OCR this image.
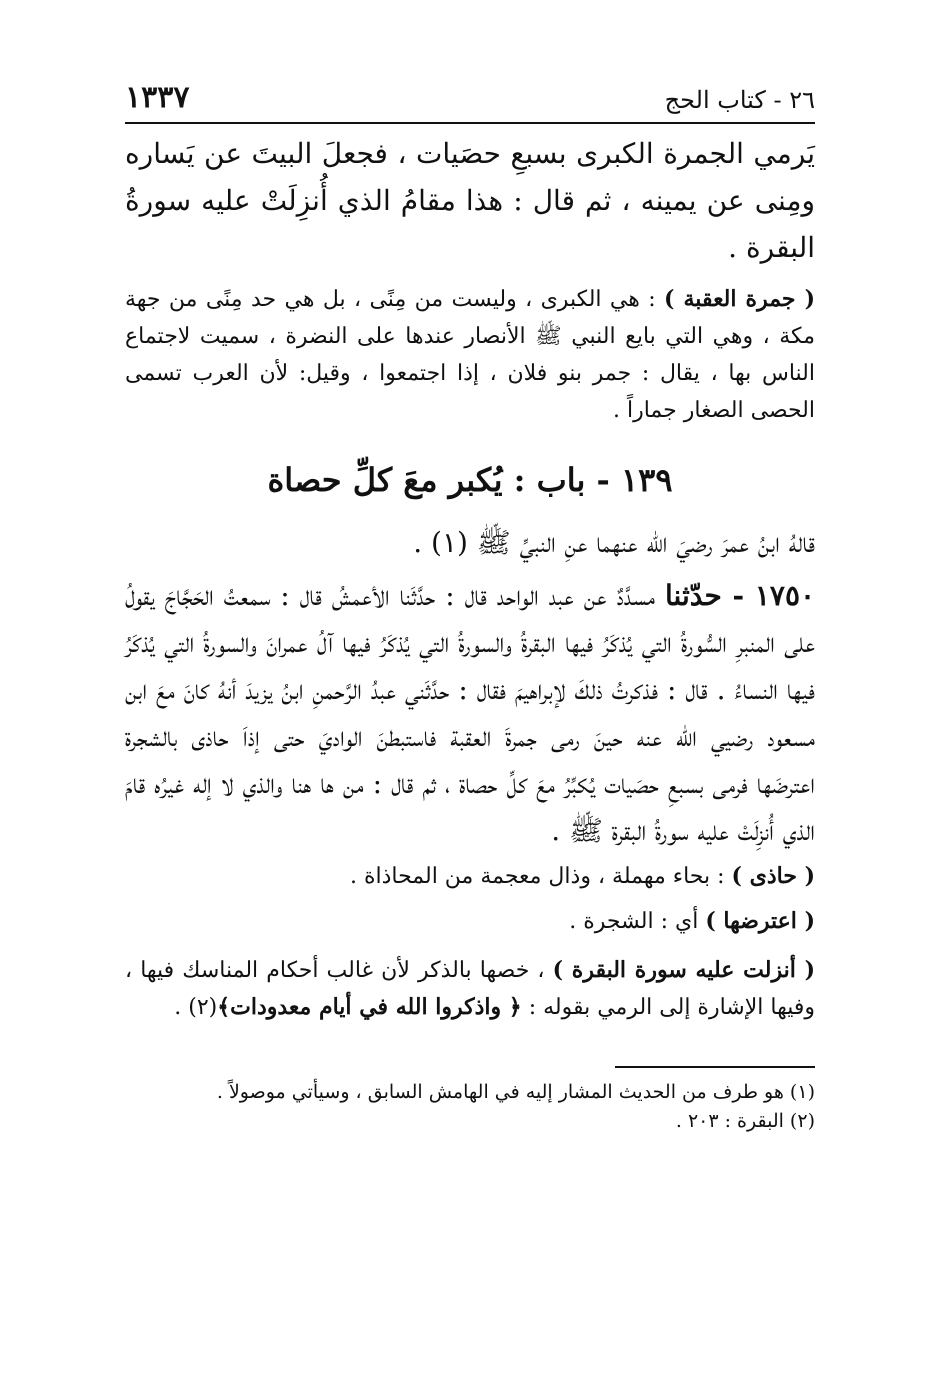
٢٦ - كتاب الحج
١٣٣٧
يَرمي الجمرة الكبرى بسبعِ حصَيات ، فجعلَ البيتَ عن يَساره ومِنى عن يمينه ، ثم قال : هذا مقامُ الذي أُنزِلَتْ عليه سورةُ البقرة .
( جمرة العقبة ) : هي الكبرى ، وليست من مِنًى ، بل هي حد مِنًى من جهة مكة ، وهي التي بايع النبي ﷺ الأنصار عندها على النضرة ، سميت لاجتماع الناس بها ، يقال : جمر بنو فلان ، إذا اجتمعوا ، وقيل: لأن العرب تسمى الحصى الصغار جماراً .
١٣٩ - باب : يُكبر معَ كلِّ حصاة
قالهُ ابنُ عمرَ رضيَ الله عنهما عنِ النبيِّ ﷺ (١) .
١٧٥٠ - حدّثنا مسدَّدٌ عن عبد الواحد قال : حدَّثَنا الأعمشُ قال : سمعتُ الحَجَّاجَ يقولُ على المنبرِ السُّورةُ التي يُذكَرُ فيها البقرةُ والسورةُ التي يُذكَرُ فيها آلُ عمرانَ والسورةُ التي يُذكَرُ فيها النساءُ . قال : فذكرتُ ذلكَ لإبراهيمَ فقال : حدَّثَني عبدُ الرَّحمنِ ابنُ يزيدَ أنهُ كانَ معَ ابن مسعود رضيي الله عنه حينَ رمى جمرةَ العقبة فاستبطنَ الواديَ حتى إذاَ حاذى بالشجرة اعترضَها فرمى بسبعِ حصَيات يُكبِّرُ معَ كلِّ حصاة ، ثم قال : من ها هنا والذي لا إله غيرُه قامَ الذي أُنزِلَتْ عليه سورةُ البقرة ﷺ .
( حاذى ) : بحاء مهملة ، وذال معجمة من المحاذاة .
( اعترضها ) أي : الشجرة .
( أنزلت عليه سورة البقرة ) ، خصها بالذكر لأن غالب أحكام المناسك فيها ، وفيها الإشارة إلى الرمي بقوله : ﴿ واذكروا الله في أيام معدودات﴾(٢) .
(١) هو طرف من الحديث المشار إليه في الهامش السابق ، وسيأتي موصولاً .
(٢) البقرة : ٢٠٣ .
